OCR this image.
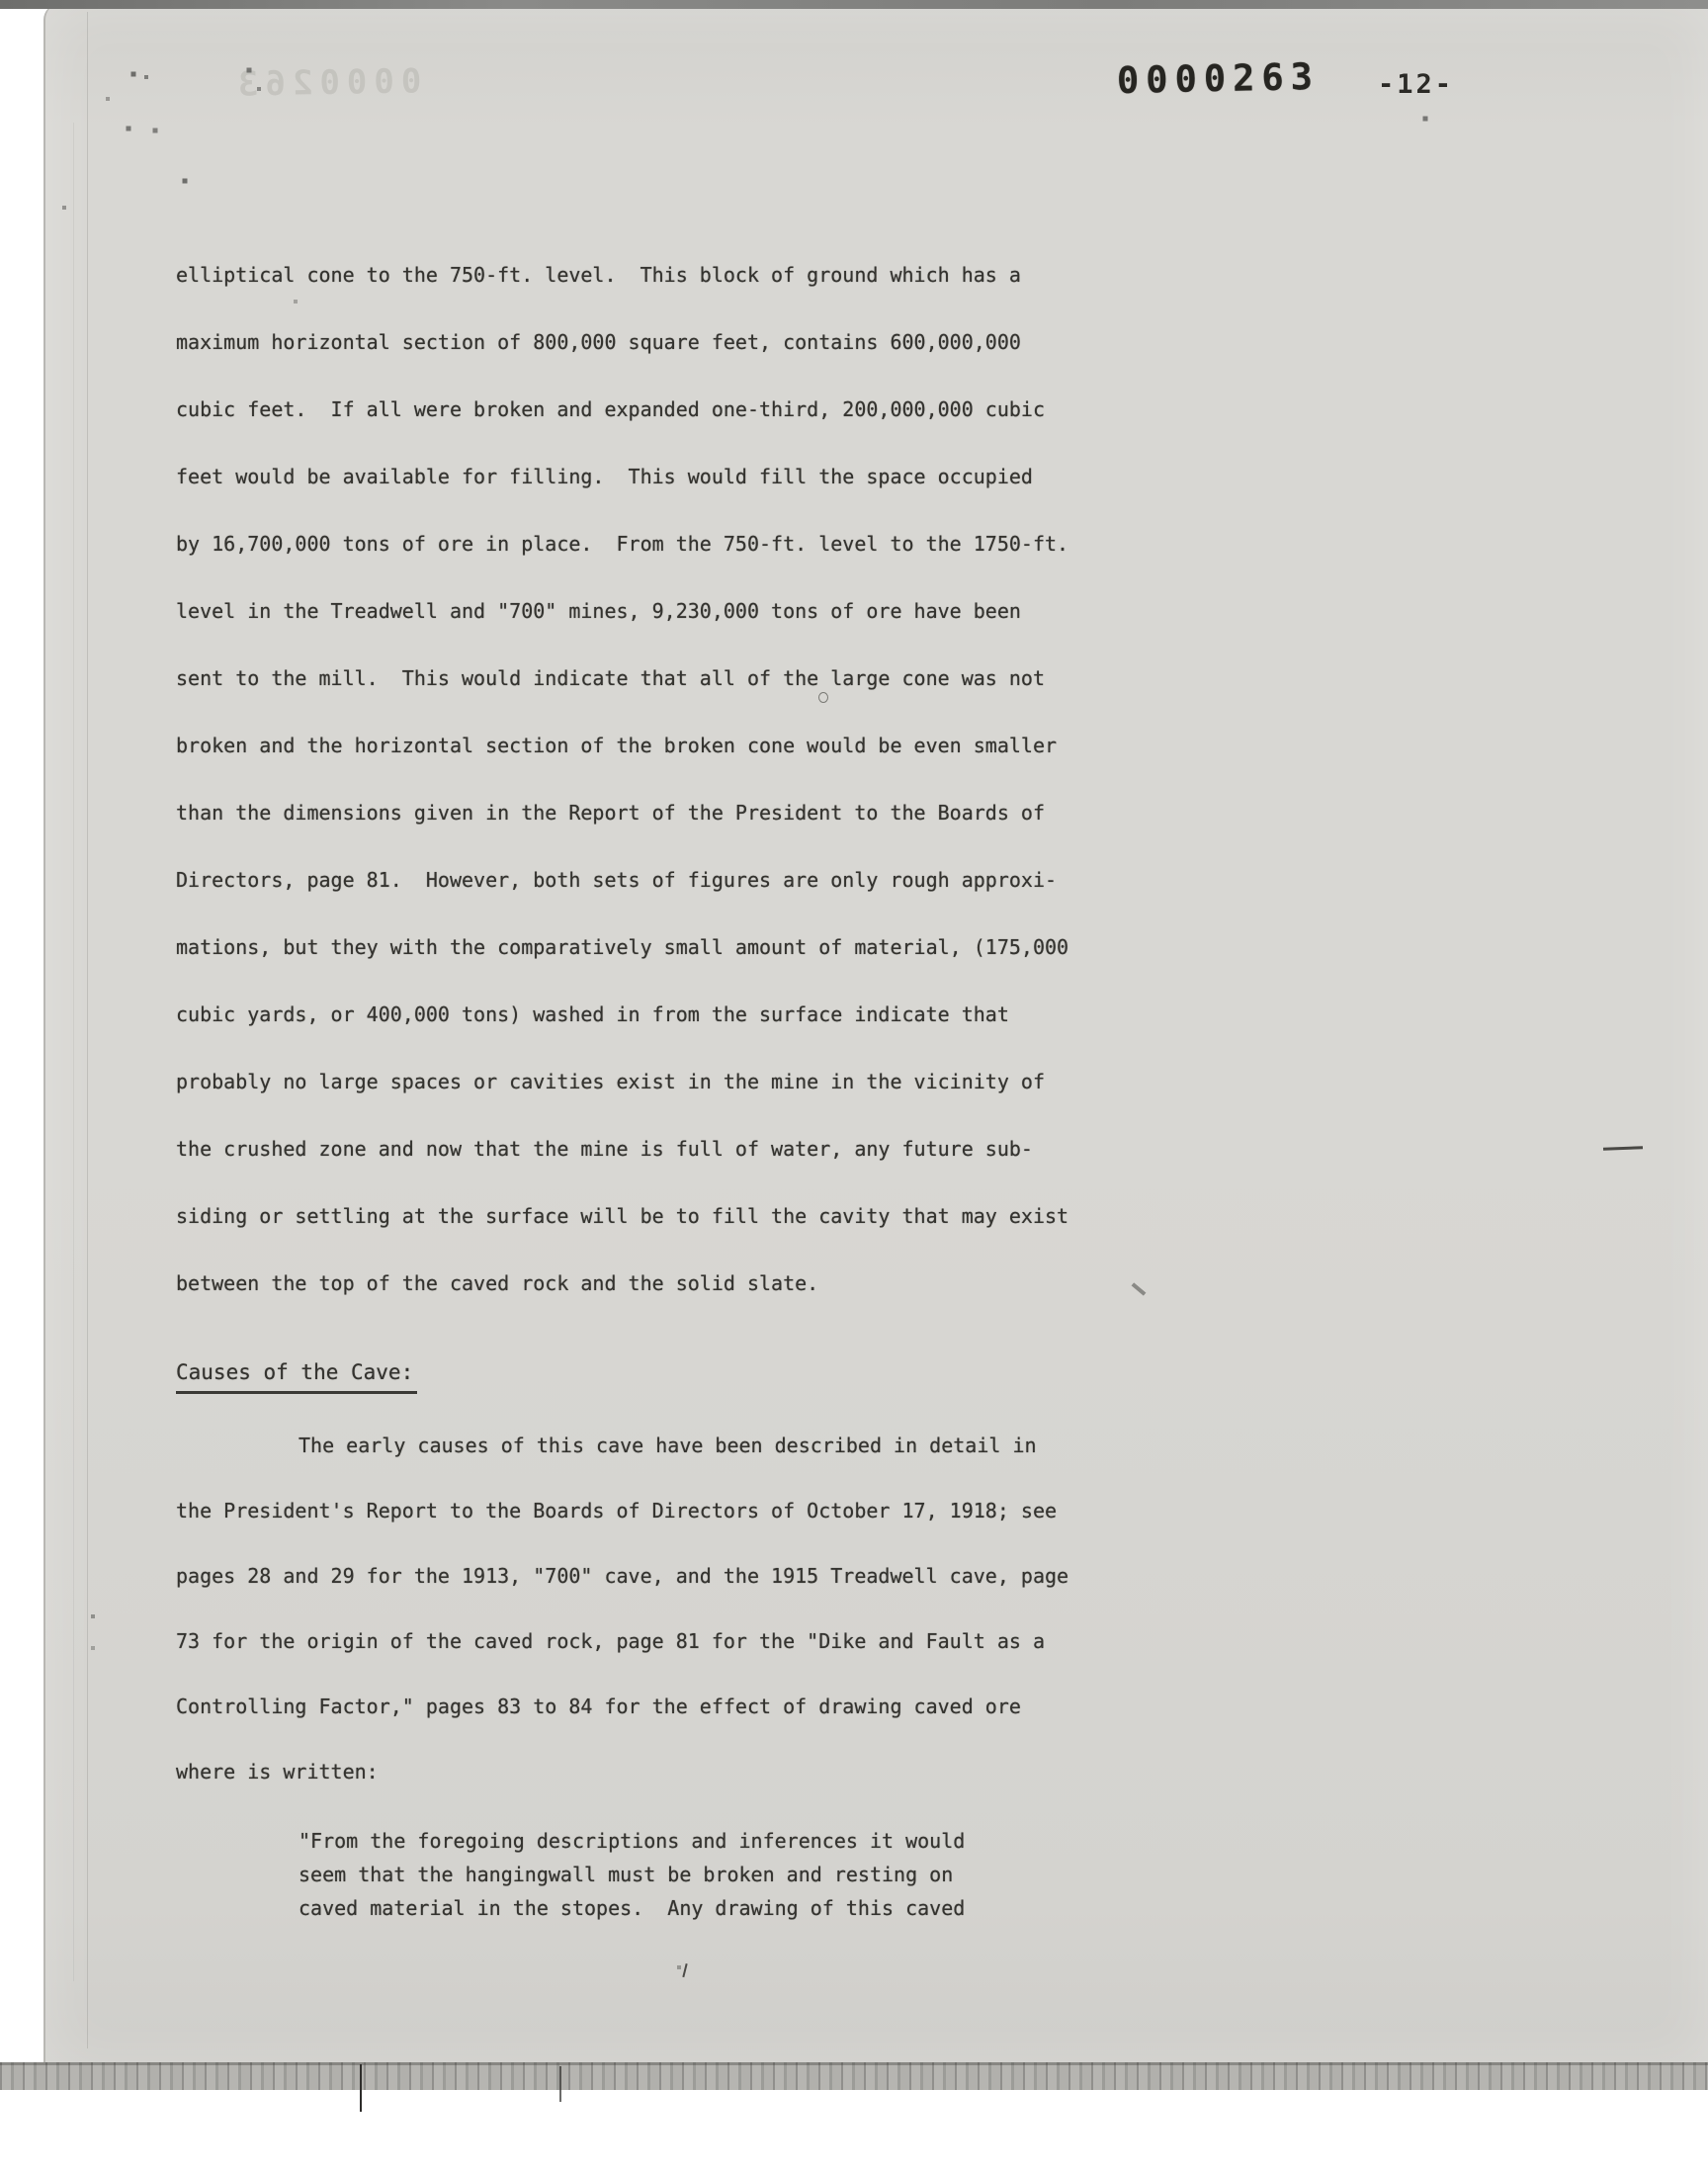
0000263	0000263 -12-
elliptical cone to the 750-ft. level.  This block of ground which has a
maximum horizontal section of 800,000 square feet, contains 600,000,000
cubic feet.  If all were broken and expanded one-third, 200,000,000 cubic
feet would be available for filling.  This would fill the space occupied
by 16,700,000 tons of ore in place.  From the 750-ft. level to the 1750-ft.
level in the Treadwell and "700" mines, 9,230,000 tons of ore have been
sent to the mill.  This would indicate that all of the large cone was not
broken and the horizontal section of the broken cone would be even smaller
than the dimensions given in the Report of the President to the Boards of
Directors, page 81.  However, both sets of figures are only rough approxi-
mations, but they with the comparatively small amount of material, (175,000
cubic yards, or 400,000 tons) washed in from the surface indicate that
probably no large spaces or cavities exist in the mine in the vicinity of
the crushed zone and now that the mine is full of water, any future sub-
siding or settling at the surface will be to fill the cavity that may exist
between the top of the caved rock and the solid slate.
Causes of the Cave:
The early causes of this cave have been described in detail in
the President's Report to the Boards of Directors of October 17, 1918; see
pages 28 and 29 for the 1913, "700" cave, and the 1915 Treadwell cave, page
73 for the origin of the caved rock, page 81 for the "Dike and Fault as a
Controlling Factor," pages 83 to 84 for the effect of drawing caved ore
where is written:
"From the foregoing descriptions and inferences it would
seem that the hangingwall must be broken and resting on
caved material in the stopes.  Any drawing of this caved
